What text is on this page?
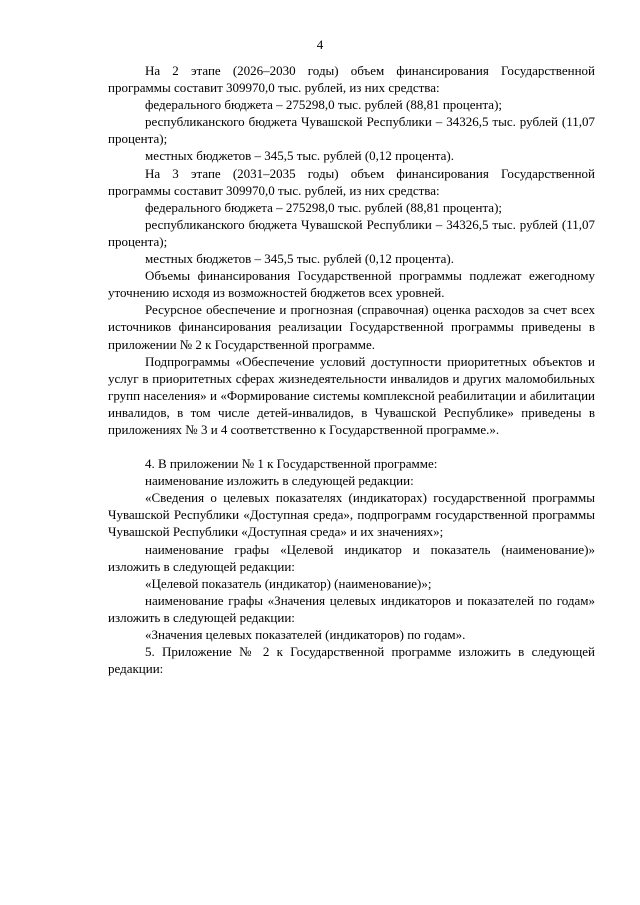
4

На 2 этапе (2026–2030 годы) объем финансирования Государственной программы составит 309970,0 тыс. рублей, из них средства:

федерального бюджета – 275298,0 тыс. рублей (88,81 процента);

республиканского бюджета Чувашской Республики – 34326,5 тыс. рублей (11,07 процента);

местных бюджетов – 345,5 тыс. рублей (0,12 процента).

На 3 этапе (2031–2035 годы) объем финансирования Государственной программы составит 309970,0 тыс. рублей, из них средства:

федерального бюджета – 275298,0 тыс. рублей (88,81 процента);

республиканского бюджета Чувашской Республики – 34326,5 тыс. рублей (11,07 процента);

местных бюджетов – 345,5 тыс. рублей (0,12 процента).

Объемы финансирования Государственной программы подлежат ежегодному уточнению исходя из возможностей бюджетов всех уровней.

Ресурсное обеспечение и прогнозная (справочная) оценка расходов за счет всех источников финансирования реализации Государственной программы приведены в приложении № 2 к Государственной программе.

Подпрограммы «Обеспечение условий доступности приоритетных объектов и услуг в приоритетных сферах жизнедеятельности инвалидов и других маломобильных групп населения» и «Формирование системы комплексной реабилитации и абилитации инвалидов, в том числе детей-инвалидов, в Чувашской Республике» приведены в приложениях № 3 и 4 соответственно к Государственной программе.».

4. В приложении № 1 к Государственной программе:

наименование изложить в следующей редакции:

«Сведения о целевых показателях (индикаторах) государственной программы Чувашской Республики «Доступная среда», подпрограмм государственной программы Чувашской Республики «Доступная среда» и их значениях»;

наименование графы «Целевой индикатор и показатель (наименование)» изложить в следующей редакции:

«Целевой показатель (индикатор) (наименование)»;

наименование графы «Значения целевых индикаторов и показателей по годам» изложить в следующей редакции:

«Значения целевых показателей (индикаторов) по годам».

5. Приложение № 2 к Государственной программе изложить в следующей редакции:
